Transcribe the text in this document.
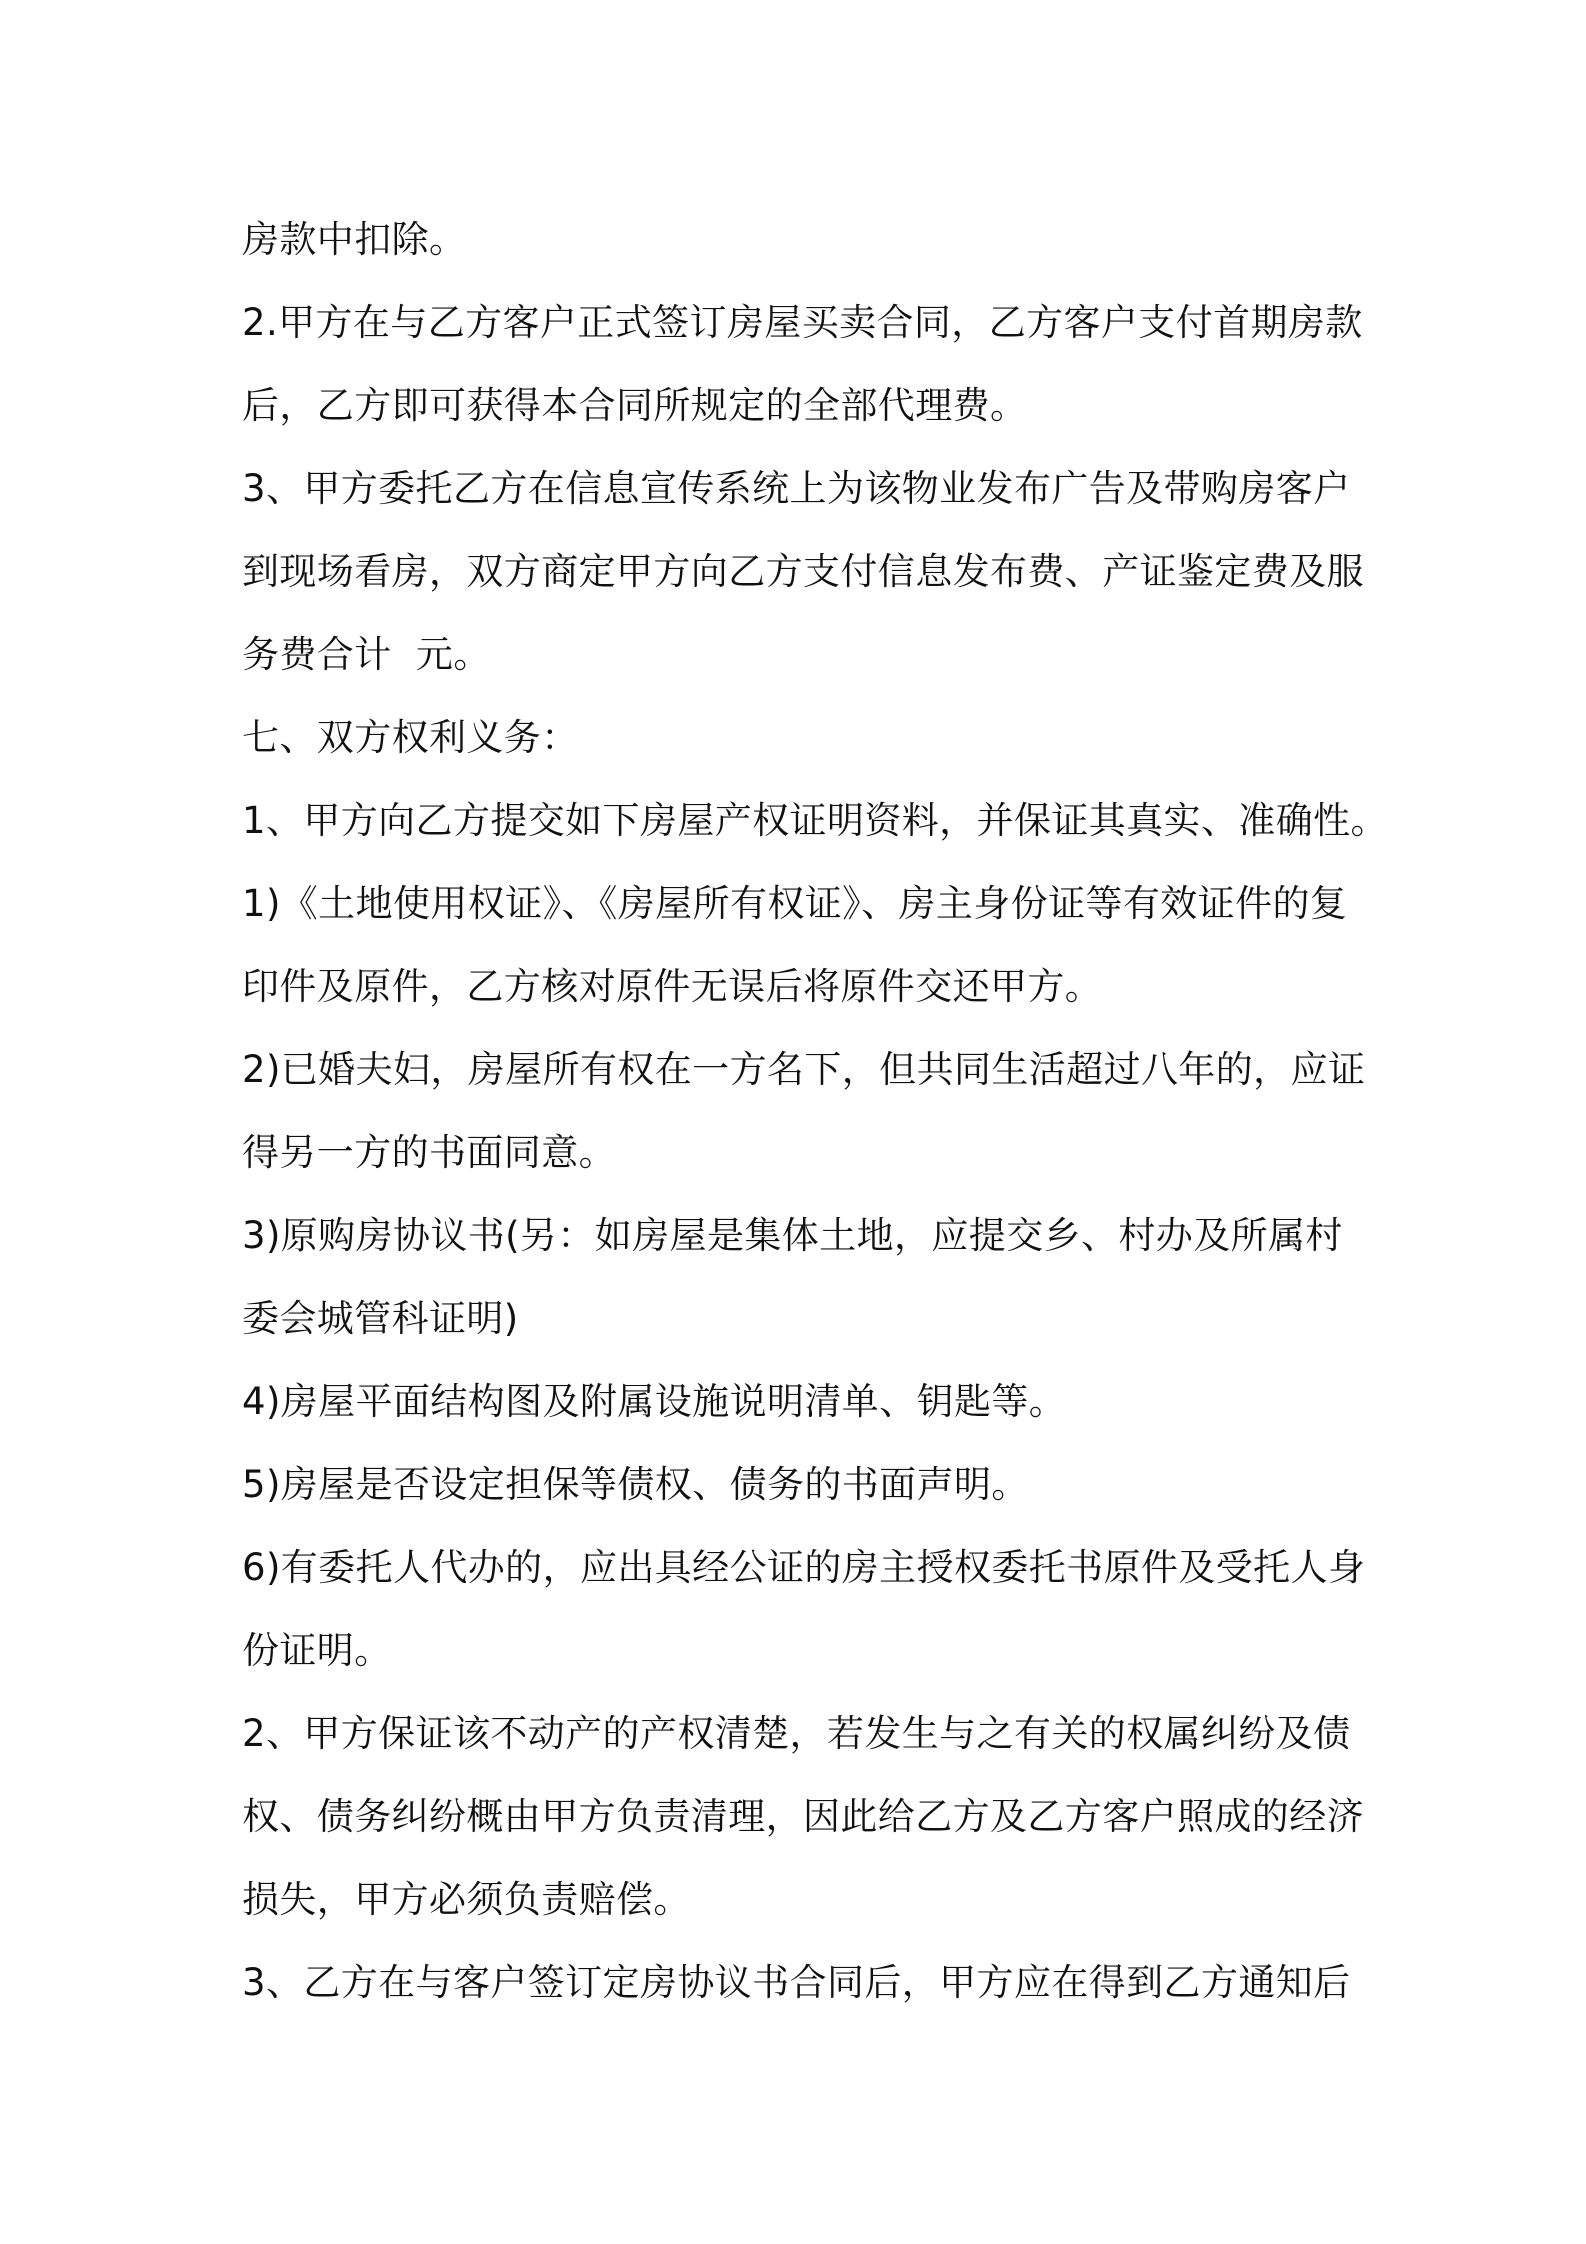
房款中扣除。
2.甲方在与乙方客户正式签订房屋买卖合同，乙方客户支付首期房款
后，乙方即可获得本合同所规定的全部代理费。
3、甲方委托乙方在信息宣传系统上为该物业发布广告及带购房客户
到现场看房，双方商定甲方向乙方支付信息发布费、产证鉴定费及服
务费合计  元。
七、双方权利义务：
1、甲方向乙方提交如下房屋产权证明资料，并保证其真实、准确性。
1)《土地使用权证》、《房屋所有权证》、房主身份证等有效证件的复
印件及原件，乙方核对原件无误后将原件交还甲方。
2)已婚夫妇，房屋所有权在一方名下，但共同生活超过八年的，应证
得另一方的书面同意。
3)原购房协议书(另：如房屋是集体土地，应提交乡、村办及所属村
委会城管科证明)
4)房屋平面结构图及附属设施说明清单、钥匙等。
5)房屋是否设定担保等债权、债务的书面声明。
6)有委托人代办的，应出具经公证的房主授权委托书原件及受托人身
份证明。
2、甲方保证该不动产的产权清楚，若发生与之有关的权属纠纷及债
权、债务纠纷概由甲方负责清理，因此给乙方及乙方客户照成的经济
损失，甲方必须负责赔偿。
3、乙方在与客户签订定房协议书合同后，甲方应在得到乙方通知后
